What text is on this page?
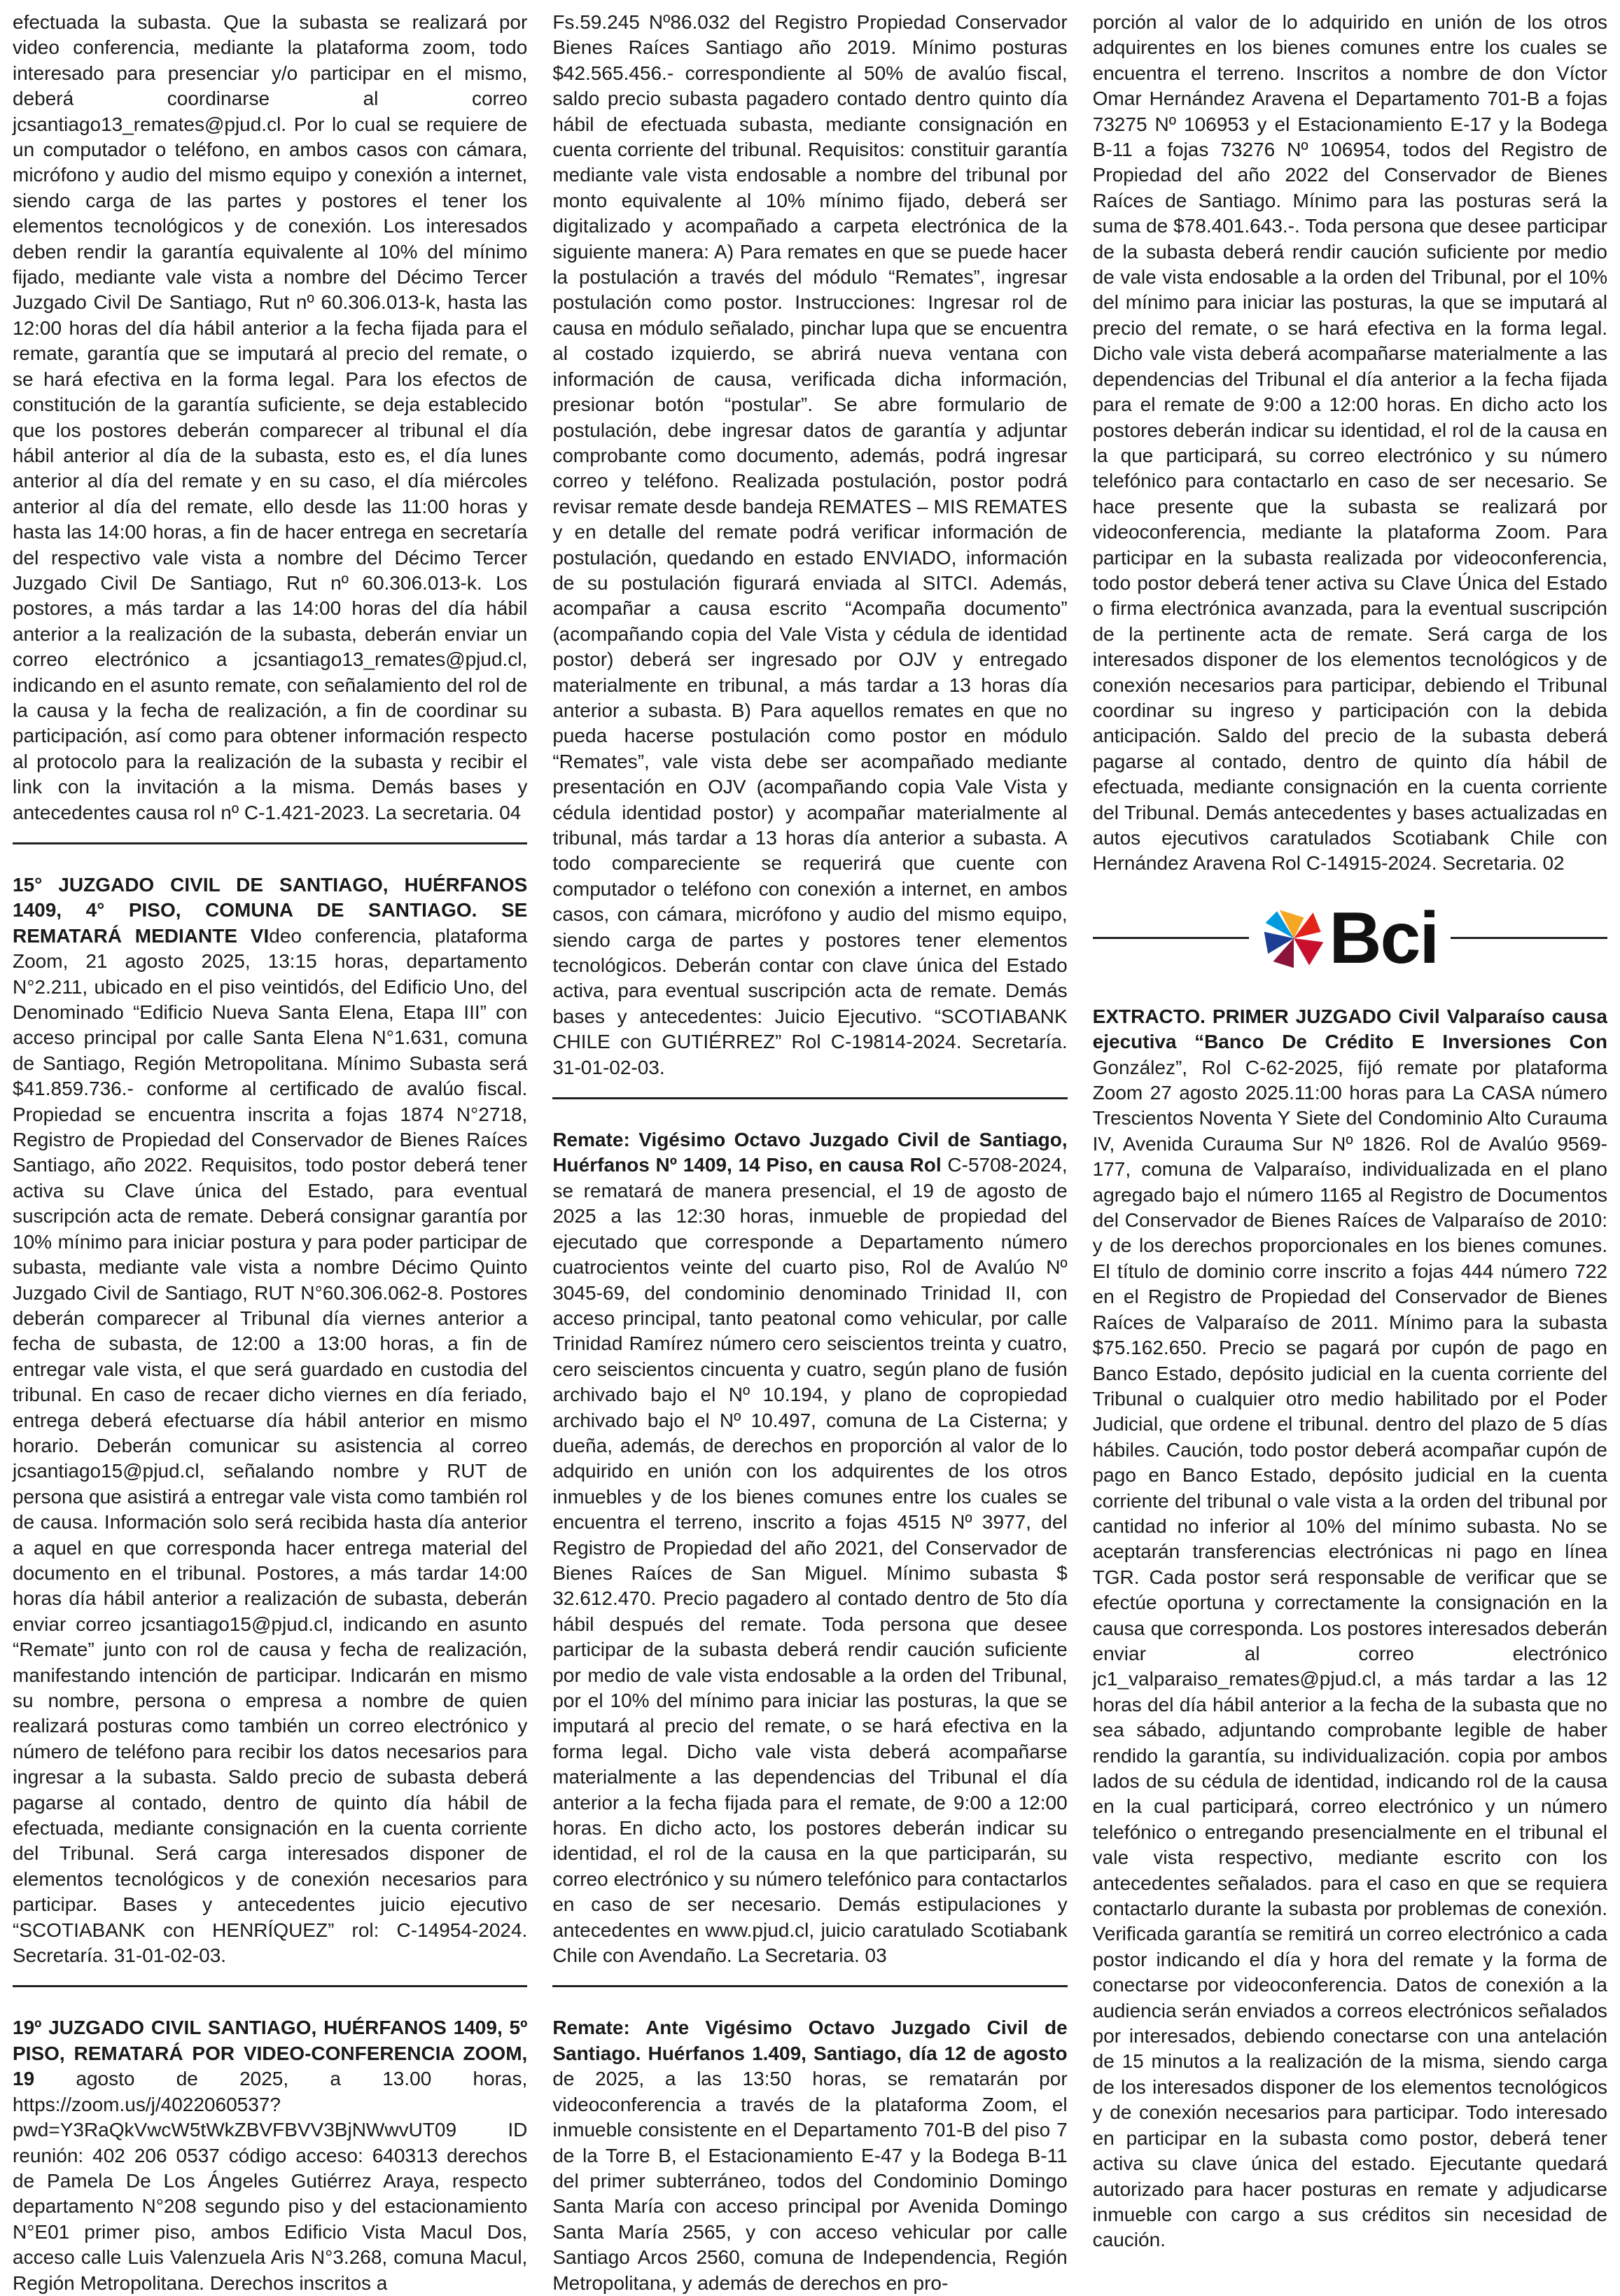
efectuada la subasta. Que la subasta se realizará por video conferencia, mediante la plataforma zoom, todo interesado para presenciar y/o participar en el mismo, deberá coordinarse al correo jcsantiago13_remates@pjud.cl. Por lo cual se requiere de un computador o teléfono, en ambos casos con cámara, micrófono y audio del mismo equipo y conexión a internet, siendo carga de las partes y postores el tener los elementos tecnológicos y de conexión. Los interesados deben rendir la garantía equivalente al 10% del mínimo fijado, mediante vale vista a nombre del Décimo Tercer Juzgado Civil De Santiago, Rut nº 60.306.013-k, hasta las 12:00 horas del día hábil anterior a la fecha fijada para el remate, garantía que se imputará al precio del remate, o se hará efectiva en la forma legal. Para los efectos de constitución de la garantía suficiente, se deja establecido que los postores deberán comparecer al tribunal el día hábil anterior al día de la subasta, esto es, el día lunes anterior al día del remate y en su caso, el día miércoles anterior al día del remate, ello desde las 11:00 horas y hasta las 14:00 horas, a fin de hacer entrega en secretaría del respectivo vale vista a nombre del Décimo Tercer Juzgado Civil De Santiago, Rut nº 60.306.013-k. Los postores, a más tardar a las 14:00 horas del día hábil anterior a la realización de la subasta, deberán enviar un correo electrónico a jcsantiago13_remates@pjud.cl, indicando en el asunto remate, con señalamiento del rol de la causa y la fecha de realización, a fin de coordinar su participación, así como para obtener información respecto al protocolo para la realización de la subasta y recibir el link con la invitación a la misma. Demás bases y antecedentes causa rol nº C-1.421-2023. La secretaria. 04

15° JUZGADO CIVIL DE SANTIAGO, HUÉRFANOS 1409, 4° PISO, COMUNA DE SANTIAGO. SE REMATARÁ MEDIANTE VIdeo conferencia, plataforma Zoom, 21 agosto 2025, 13:15 horas, departamento N°2.211, ubicado en el piso veintidós, del Edificio Uno, del Denominado “Edificio Nueva Santa Elena, Etapa III” con acceso principal por calle Santa Elena N°1.631, comuna de Santiago, Región Metropolitana. Mínimo Subasta será $41.859.736.- conforme al certificado de avalúo fiscal. Propiedad se encuentra inscrita a fojas 1874 N°2718, Registro de Propiedad del Conservador de Bienes Raíces Santiago, año 2022. Requisitos, todo postor deberá tener activa su Clave única del Estado, para eventual suscripción acta de remate. Deberá consignar garantía por 10% mínimo para iniciar postura y para poder participar de subasta, mediante vale vista a nombre Décimo Quinto Juzgado Civil de Santiago, RUT N°60.306.062-8. Postores deberán comparecer al Tribunal día viernes anterior a fecha de subasta, de 12:00 a 13:00 horas, a fin de entregar vale vista, el que será guardado en custodia del tribunal. En caso de recaer dicho viernes en día feriado, entrega deberá efectuarse día hábil anterior en mismo horario. Deberán comunicar su asistencia al correo jcsantiago15@pjud.cl, señalando nombre y RUT de persona que asistirá a entregar vale vista como también rol de causa. Información solo será recibida hasta día anterior a aquel en que corresponda hacer entrega material del documento en el tribunal. Postores, a más tardar 14:00 horas día hábil anterior a realización de subasta, deberán enviar correo jcsantiago15@pjud.cl, indicando en asunto “Remate” junto con rol de causa y fecha de realización, manifestando intención de participar. Indicarán en mismo su nombre, persona o empresa a nombre de quien realizará posturas como también un correo electrónico y número de teléfono para recibir los datos necesarios para ingresar a la subasta. Saldo precio de subasta deberá pagarse al contado, dentro de quinto día hábil de efectuada, mediante consignación en la cuenta corriente del Tribunal. Será carga interesados disponer de elementos tecnológicos y de conexión necesarios para participar. Bases y antecedentes juicio ejecutivo “SCOTIABANK con HENRÍQUEZ” rol: C-14954-2024. Secretaría. 31-01-02-03.

19º JUZGADO CIVIL SANTIAGO, HUÉRFANOS 1409, 5º PISO, REMATARÁ POR VIDEO-CONFERENCIA ZOOM, 19 agosto de 2025, a 13.00 horas, https://zoom.us/j/4022060537?pwd=Y3RaQkVwcW5tWkZBVFBVV3BjNWwvUT09 ID reunión: 402 206 0537 código acceso: 640313 derechos de Pamela De Los Ángeles Gutiérrez Araya, respecto departamento N°208 segundo piso y del estacionamiento N°E01 primer piso, ambos Edificio Vista Macul Dos, acceso calle Luis Valenzuela Aris N°3.268, comuna Macul, Región Metropolitana. Derechos inscritos a

Fs.59.245 Nº86.032 del Registro Propiedad Conservador Bienes Raíces Santiago año 2019. Mínimo posturas $42.565.456.- correspondiente al 50% de avalúo fiscal, saldo precio subasta pagadero contado dentro quinto día hábil de efectuada subasta, mediante consignación en cuenta corriente del tribunal. Requisitos: constituir garantía mediante vale vista endosable a nombre del tribunal por monto equivalente al 10% mínimo fijado, deberá ser digitalizado y acompañado a carpeta electrónica de la siguiente manera: A) Para remates en que se puede hacer la postulación a través del módulo “Remates”, ingresar postulación como postor. Instrucciones: Ingresar rol de causa en módulo señalado, pinchar lupa que se encuentra al costado izquierdo, se abrirá nueva ventana con información de causa, verificada dicha información, presionar botón “postular”. Se abre formulario de postulación, debe ingresar datos de garantía y adjuntar comprobante como documento, además, podrá ingresar correo y teléfono. Realizada postulación, postor podrá revisar remate desde bandeja REMATES – MIS REMATES y en detalle del remate podrá verificar información de postulación, quedando en estado ENVIADO, información de su postulación figurará enviada al SITCI. Además, acompañar a causa escrito “Acompaña documento” (acompañando copia del Vale Vista y cédula de identidad postor) deberá ser ingresado por OJV y entregado materialmente en tribunal, a más tardar a 13 horas día anterior a subasta. B) Para aquellos remates en que no pueda hacerse postulación como postor en módulo “Remates”, vale vista debe ser acompañado mediante presentación en OJV (acompañando copia Vale Vista y cédula identidad postor) y acompañar materialmente al tribunal, más tardar a 13 horas día anterior a subasta. A todo compareciente se requerirá que cuente con computador o teléfono con conexión a internet, en ambos casos, con cámara, micrófono y audio del mismo equipo, siendo carga de partes y postores tener elementos tecnológicos. Deberán contar con clave única del Estado activa, para eventual suscripción acta de remate. Demás bases y antecedentes: Juicio Ejecutivo. “SCOTIABANK CHILE con GUTIÉRREZ” Rol C-19814-2024. Secretaría. 31-01-02-03.

Remate: Vigésimo Octavo Juzgado Civil de Santiago, Huérfanos Nº 1409, 14 Piso, en causa Rol C-5708-2024, se rematará de manera presencial, el 19 de agosto de 2025 a las 12:30 horas, inmueble de propiedad del ejecutado que corresponde a Departamento número cuatrocientos veinte del cuarto piso, Rol de Avalúo Nº 3045-69, del condominio denominado Trinidad II, con acceso principal, tanto peatonal como vehicular, por calle Trinidad Ramírez número cero seiscientos treinta y cuatro, cero seiscientos cincuenta y cuatro, según plano de fusión archivado bajo el Nº 10.194, y plano de copropiedad archivado bajo el Nº 10.497, comuna de La Cisterna; y dueña, además, de derechos en proporción al valor de lo adquirido en unión con los adquirentes de los otros inmuebles y de los bienes comunes entre los cuales se encuentra el terreno, inscrito a fojas 4515 Nº 3977, del Registro de Propiedad del año 2021, del Conservador de Bienes Raíces de San Miguel. Mínimo subasta $ 32.612.470. Precio pagadero al contado dentro de 5to día hábil después del remate. Toda persona que desee participar de la subasta deberá rendir caución suficiente por medio de vale vista endosable a la orden del Tribunal, por el 10% del mínimo para iniciar las posturas, la que se imputará al precio del remate, o se hará efectiva en la forma legal. Dicho vale vista deberá acompañarse materialmente a las dependencias del Tribunal el día anterior a la fecha fijada para el remate, de 9:00 a 12:00 horas. En dicho acto, los postores deberán indicar su identidad, el rol de la causa en la que participarán, su correo electrónico y su número telefónico para contactarlos en caso de ser necesario. Demás estipulaciones y antecedentes en www.pjud.cl, juicio caratulado Scotiabank Chile con Avendaño. La Secretaria. 03

Remate: Ante Vigésimo Octavo Juzgado Civil de Santiago. Huérfanos 1.409, Santiago, día 12 de agosto de 2025, a las 13:50 horas, se rematarán por videoconferencia a través de la plataforma Zoom, el inmueble consistente en el Departamento 701-B del piso 7 de la Torre B, el Estacionamiento E-47 y la Bodega B-11 del primer subterráneo, todos del Condominio Domingo Santa María con acceso principal por Avenida Domingo Santa María 2565, y con acceso vehicular por calle Santiago Arcos 2560, comuna de Independencia, Región Metropolitana, y además de derechos en pro-

porción al valor de lo adquirido en unión de los otros adquirentes en los bienes comunes entre los cuales se encuentra el terreno. Inscritos a nombre de don Víctor Omar Hernández Aravena el Departamento 701-B a fojas 73275 Nº 106953 y el Estacionamiento E-17 y la Bodega B-11 a fojas 73276 Nº 106954, todos del Registro de Propiedad del año 2022 del Conservador de Bienes Raíces de Santiago. Mínimo para las posturas será la suma de $78.401.643.-. Toda persona que desee participar de la subasta deberá rendir caución suficiente por medio de vale vista endosable a la orden del Tribunal, por el 10% del mínimo para iniciar las posturas, la que se imputará al precio del remate, o se hará efectiva en la forma legal. Dicho vale vista deberá acompañarse materialmente a las dependencias del Tribunal el día anterior a la fecha fijada para el remate de 9:00 a 12:00 horas. En dicho acto los postores deberán indicar su identidad, el rol de la causa en la que participará, su correo electrónico y su número telefónico para contactarlo en caso de ser necesario. Se hace presente que la subasta se realizará por videoconferencia, mediante la plataforma Zoom. Para participar en la subasta realizada por videoconferencia, todo postor deberá tener activa su Clave Única del Estado o firma electrónica avanzada, para la eventual suscripción de la pertinente acta de remate. Será carga de los interesados disponer de los elementos tecnológicos y de conexión necesarios para participar, debiendo el Tribunal coordinar su ingreso y participación con la debida anticipación. Saldo del precio de la subasta deberá pagarse al contado, dentro de quinto día hábil de efectuada, mediante consignación en la cuenta corriente del Tribunal. Demás antecedentes y bases actualizadas en autos ejecutivos caratulados Scotiabank Chile con Hernández Aravena Rol C-14915-2024. Secretaria. 02

Bci

EXTRACTO. PRIMER JUZGADO Civil Valparaíso causa ejecutiva “Banco De Crédito E Inversiones Con González”, Rol C-62-2025, fijó remate por plataforma Zoom 27 agosto 2025.11:00 horas para La CASA número Trescientos Noventa Y Siete del Condominio Alto Curauma IV, Avenida Curauma Sur Nº 1826. Rol de Avalúo 9569-177, comuna de Valparaíso, individualizada en el plano agregado bajo el número 1165 al Registro de Documentos del Conservador de Bienes Raíces de Valparaíso de 2010: y de los derechos proporcionales en los bienes comunes. El título de dominio corre inscrito a fojas 444 número 722 en el Registro de Propiedad del Conservador de Bienes Raíces de Valparaíso de 2011. Mínimo para la subasta $75.162.650. Precio se pagará por cupón de pago en Banco Estado, depósito judicial en la cuenta corriente del Tribunal o cualquier otro medio habilitado por el Poder Judicial, que ordene el tribunal. dentro del plazo de 5 días hábiles. Caución, todo postor deberá acompañar cupón de pago en Banco Estado, depósito judicial en la cuenta corriente del tribunal o vale vista a la orden del tribunal por cantidad no inferior al 10% del mínimo subasta. No se aceptarán transferencias electrónicas ni pago en línea TGR. Cada postor será responsable de verificar que se efectúe oportuna y correctamente la consignación en la causa que corresponda. Los postores interesados deberán enviar al correo electrónico jc1_valparaiso_remates@pjud.cl, a más tardar a las 12 horas del día hábil anterior a la fecha de la subasta que no sea sábado, adjuntando comprobante legible de haber rendido la garantía, su individualización. copia por ambos lados de su cédula de identidad, indicando rol de la causa en la cual participará, correo electrónico y un número telefónico o entregando presencialmente en el tribunal el vale vista respectivo, mediante escrito con los antecedentes señalados. para el caso en que se requiera contactarlo durante la subasta por problemas de conexión. Verificada garantía se remitirá un correo electrónico a cada postor indicando el día y hora del remate y la forma de conectarse por videoconferencia. Datos de conexión a la audiencia serán enviados a correos electrónicos señalados por interesados, debiendo conectarse con una antelación de 15 minutos a la realización de la misma, siendo carga de los interesados disponer de los elementos tecnológicos y de conexión necesarios para participar. Todo interesado en participar en la subasta como postor, deberá tener activa su clave única del estado. Ejecutante quedará autorizado para hacer posturas en remate y adjudicarse inmueble con cargo a sus créditos sin necesidad de caución.
